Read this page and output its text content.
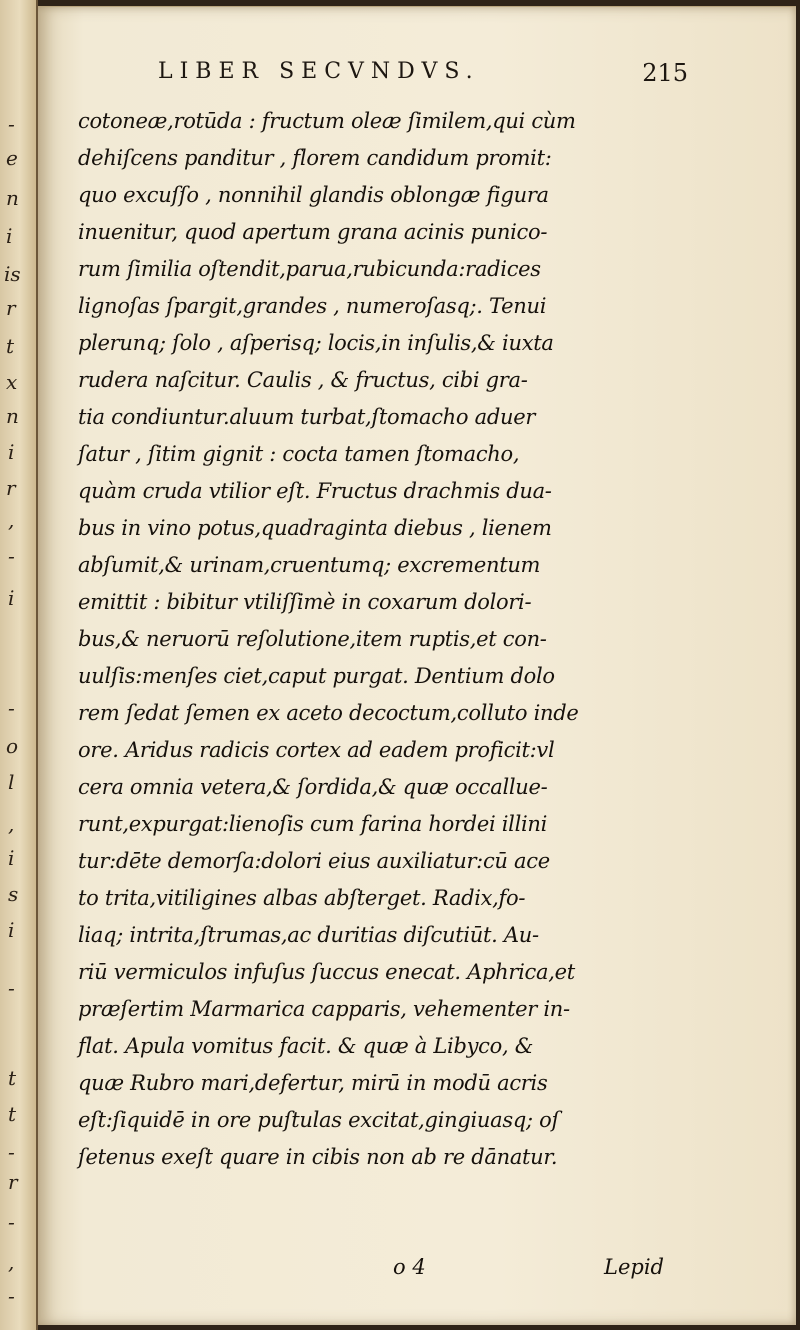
-
e
n
i
is
r
t
x
n
i
r
,
-
i
-
o
l
,
i
s
i
-
t
t
-
r
-
,
-
LIBER SECVNDVS.	215
cotoneæ,rotūda : fructum oleæ ſimilem,qui cùm
dehiſcens panditur , florem candidum promit:
quo excuſſo , nonnihil glandis oblongæ figura
inuenitur, quod apertum grana acinis punico-
rum ſimilia oſtendit,parua,rubicunda:radices
lignoſas ſpargit,grandes , numeroſasq;. Tenui
plerunq; ſolo , aſperisq; locis,in inſulis,& iuxta
rudera naſcitur. Caulis , & fructus, cibi gra-
tia condiuntur.aluum turbat,ſtomacho aduer
ſatur , ſitim gignit : cocta tamen ſtomacho,
quàm cruda vtilior eſt. Fructus drachmis dua-
bus in vino potus,quadraginta diebus , lienem
abſumit,& urinam,cruentumq; excrementum
emittit : bibitur vtiliſſimè in coxarum dolori-
bus,& neruorū reſolutione,item ruptis,et con-
uulſis:menſes ciet,caput purgat. Dentium dolo
rem ſedat ſemen ex aceto decoctum,colluto inde
ore. Aridus radicis cortex ad eadem proficit:vl
cera omnia vetera,& ſordida,& quæ occallue-
runt,expurgat:lienoſis cum farina hordei illini
tur:dēte demorſa:dolori eius auxiliatur:cū ace
to trita,vitiligines albas abſterget. Radix,fo-
liaq; intrita,ſtrumas,ac duritias diſcutiūt. Au-
riū vermiculos infuſus ſuccus enecat. Aphrica,et
præſertim Marmarica capparis, vehementer in-
flat. Apula vomitus facit. & quæ à Libyco, &
quæ Rubro mari,defertur, mirū in modū acris
eſt:ſiquidē in ore puſtulas excitat,gingiuasq; oſ
ſetenus exeſt quare in cibis non ab re dānatur.
o 4	Lepid
